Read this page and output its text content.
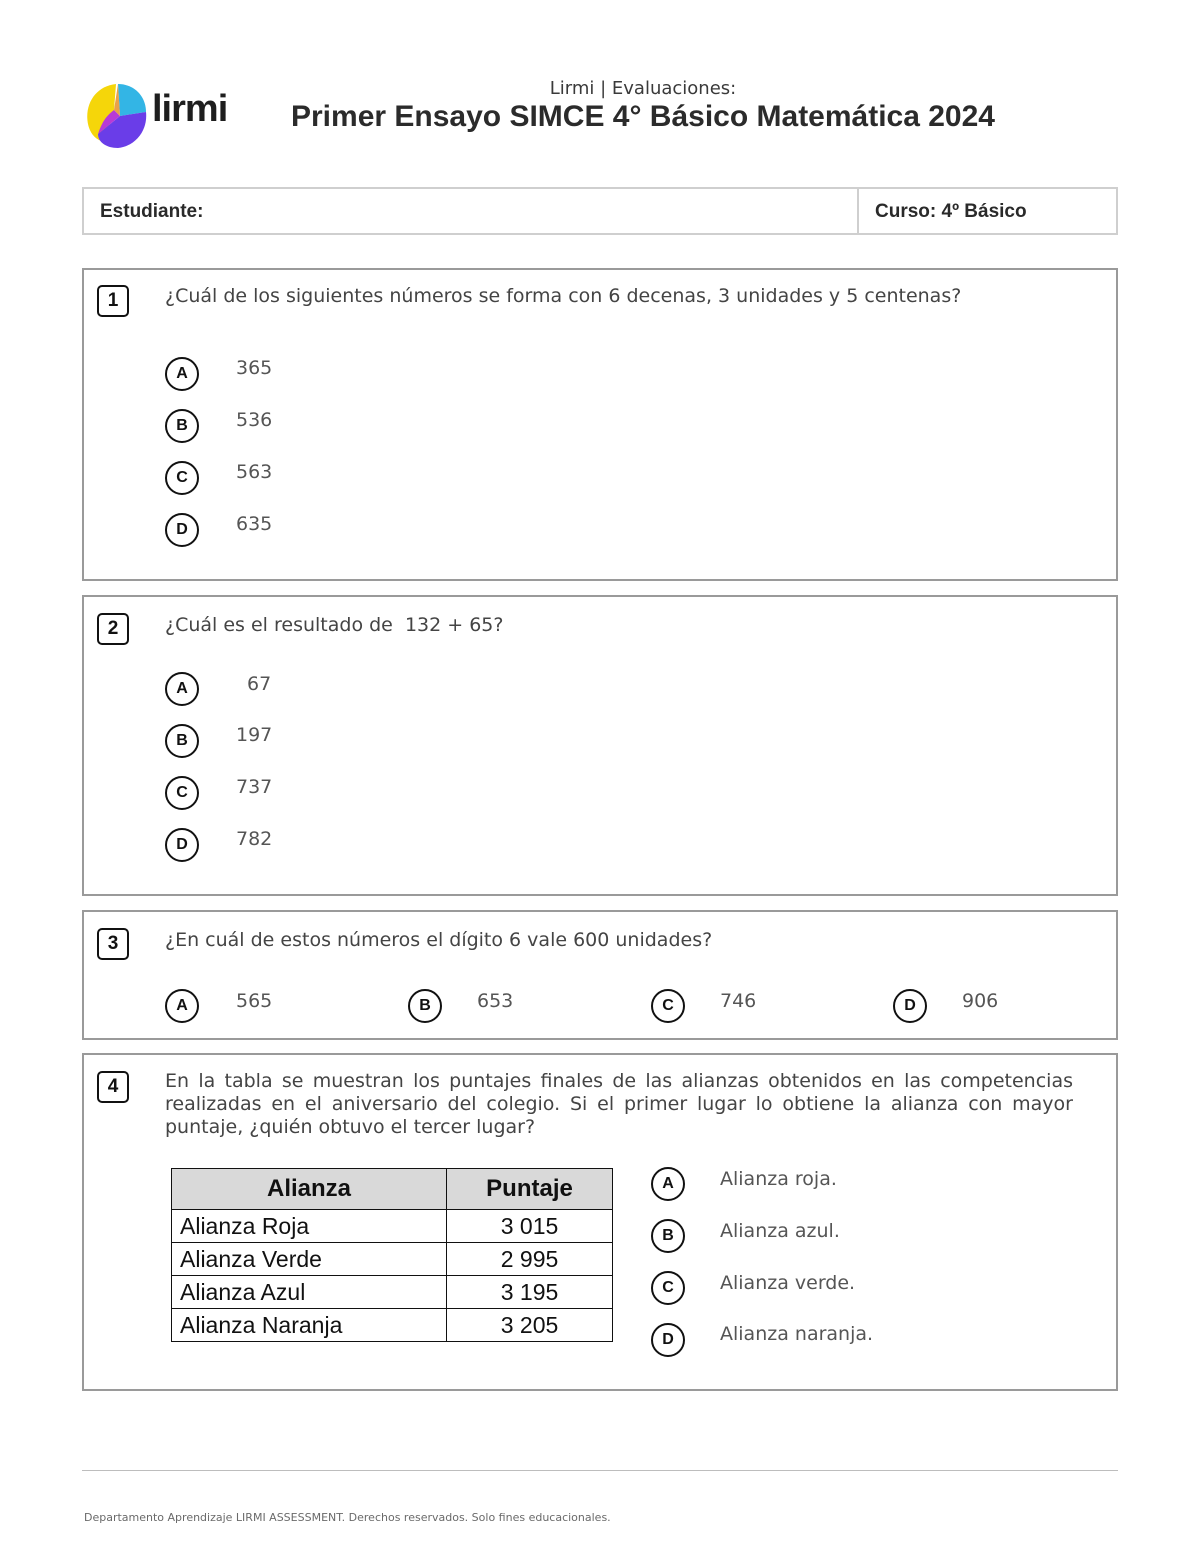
lirmi	Lirmi | Evaluaciones:
Primer Ensayo SIMCE 4° Básico Matemática 2024
Estudiante:	Curso: 4º Básico
1	¿Cuál de los siguientes números se forma con 6 decenas, 3 unidades y 5 centenas?
A	365
B	536
C	563
D	635
2	¿Cuál es el resultado de  132 + 65?
A	67
B	197
C	737
D	782
3	¿En cuál de estos números el dígito 6 vale 600 unidades?
A	565	B	653	C	746	D	906
4	En la tabla se muestran los puntajes finales de las alianzas obtenidos en las competencias realizadas en el aniversario del colegio. Si el primer lugar lo obtiene la alianza con mayor puntaje, ¿quién obtuvo el tercer lugar?
Alianza	Puntaje
Alianza Roja	3 015
Alianza Verde	2 995
Alianza Azul	3 195
Alianza Naranja	3 205
A	Alianza roja.
B	Alianza azul.
C	Alianza verde.
D	Alianza naranja.
Departamento Aprendizaje LIRMI ASSESSMENT. Derechos reservados. Solo fines educacionales.
